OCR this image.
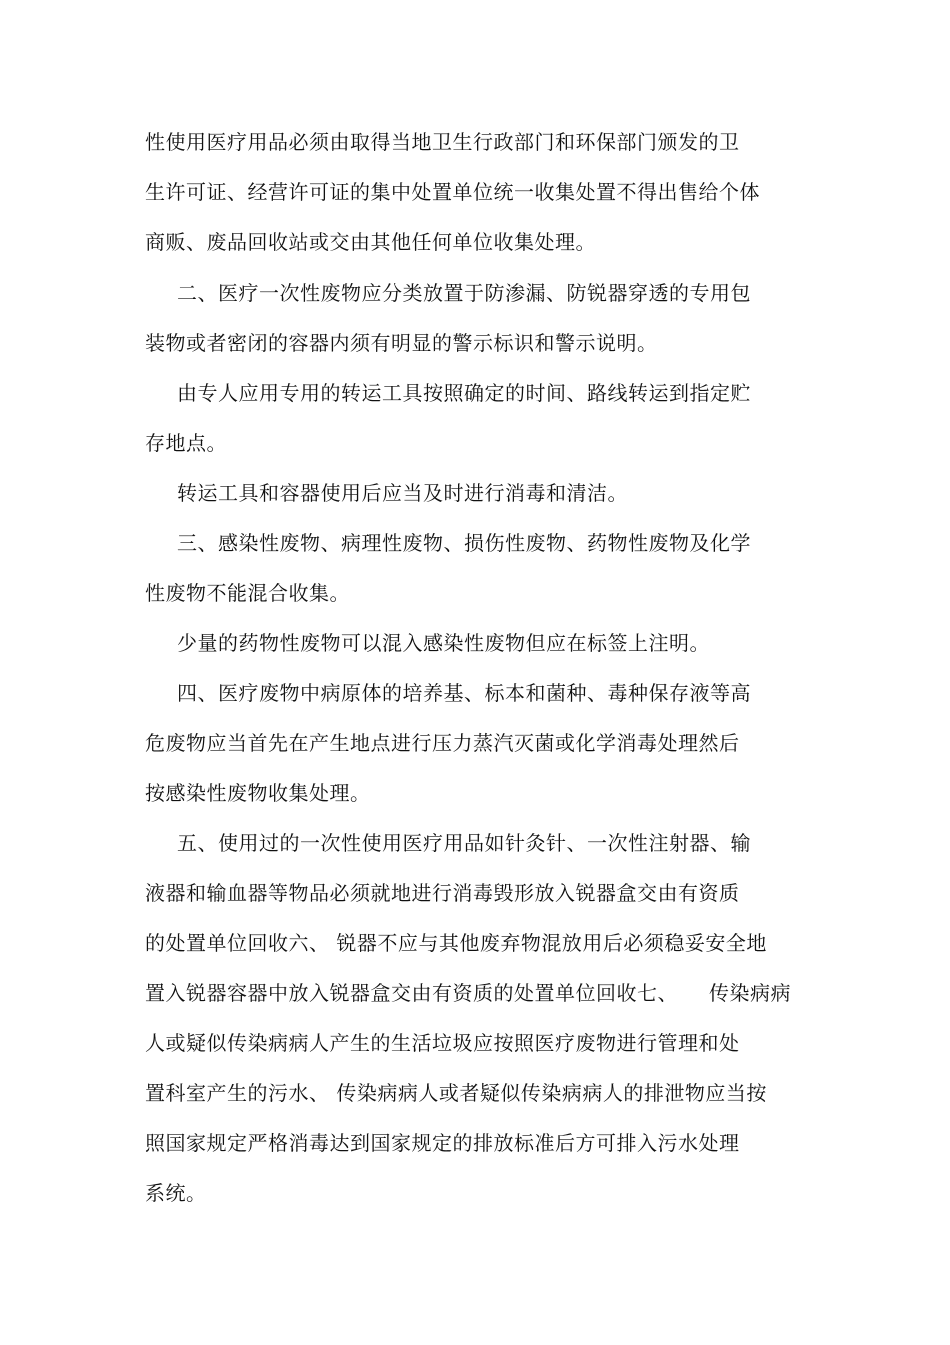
性使用医疗用品必须由取得当地卫生行政部门和环保部门颁发的卫
生许可证、经营许可证的集中处置单位统一收集处置不得出售给个体
商贩、废品回收站或交由其他任何单位收集处理。
二、医疗一次性废物应分类放置于防渗漏、防锐器穿透的专用包
装物或者密闭的容器内须有明显的警示标识和警示说明。
由专人应用专用的转运工具按照确定的时间、路线转运到指定贮
存地点。
转运工具和容器使用后应当及时进行消毒和清洁。
三、感染性废物、病理性废物、损伤性废物、药物性废物及化学
性废物不能混合收集。
少量的药物性废物可以混入感染性废物但应在标签上注明。
四、医疗废物中病原体的培养基、标本和菌种、毒种保存液等高
危废物应当首先在产生地点进行压力蒸汽灭菌或化学消毒处理然后
按感染性废物收集处理。
五、使用过的一次性使用医疗用品如针灸针、一次性注射器、输
液器和输血器等物品必须就地进行消毒毁形放入锐器盒交由有资质
的处置单位回收六、 锐器不应与其他废弃物混放用后必须稳妥安全地
置入锐器容器中放入锐器盒交由有资质的处置单位回收七、　　传染病病
人或疑似传染病病人产生的生活垃圾应按照医疗废物进行管理和处
置科室产生的污水、 传染病病人或者疑似传染病病人的排泄物应当按
照国家规定严格消毒达到国家规定的排放标准后方可排入污水处理
系统。
